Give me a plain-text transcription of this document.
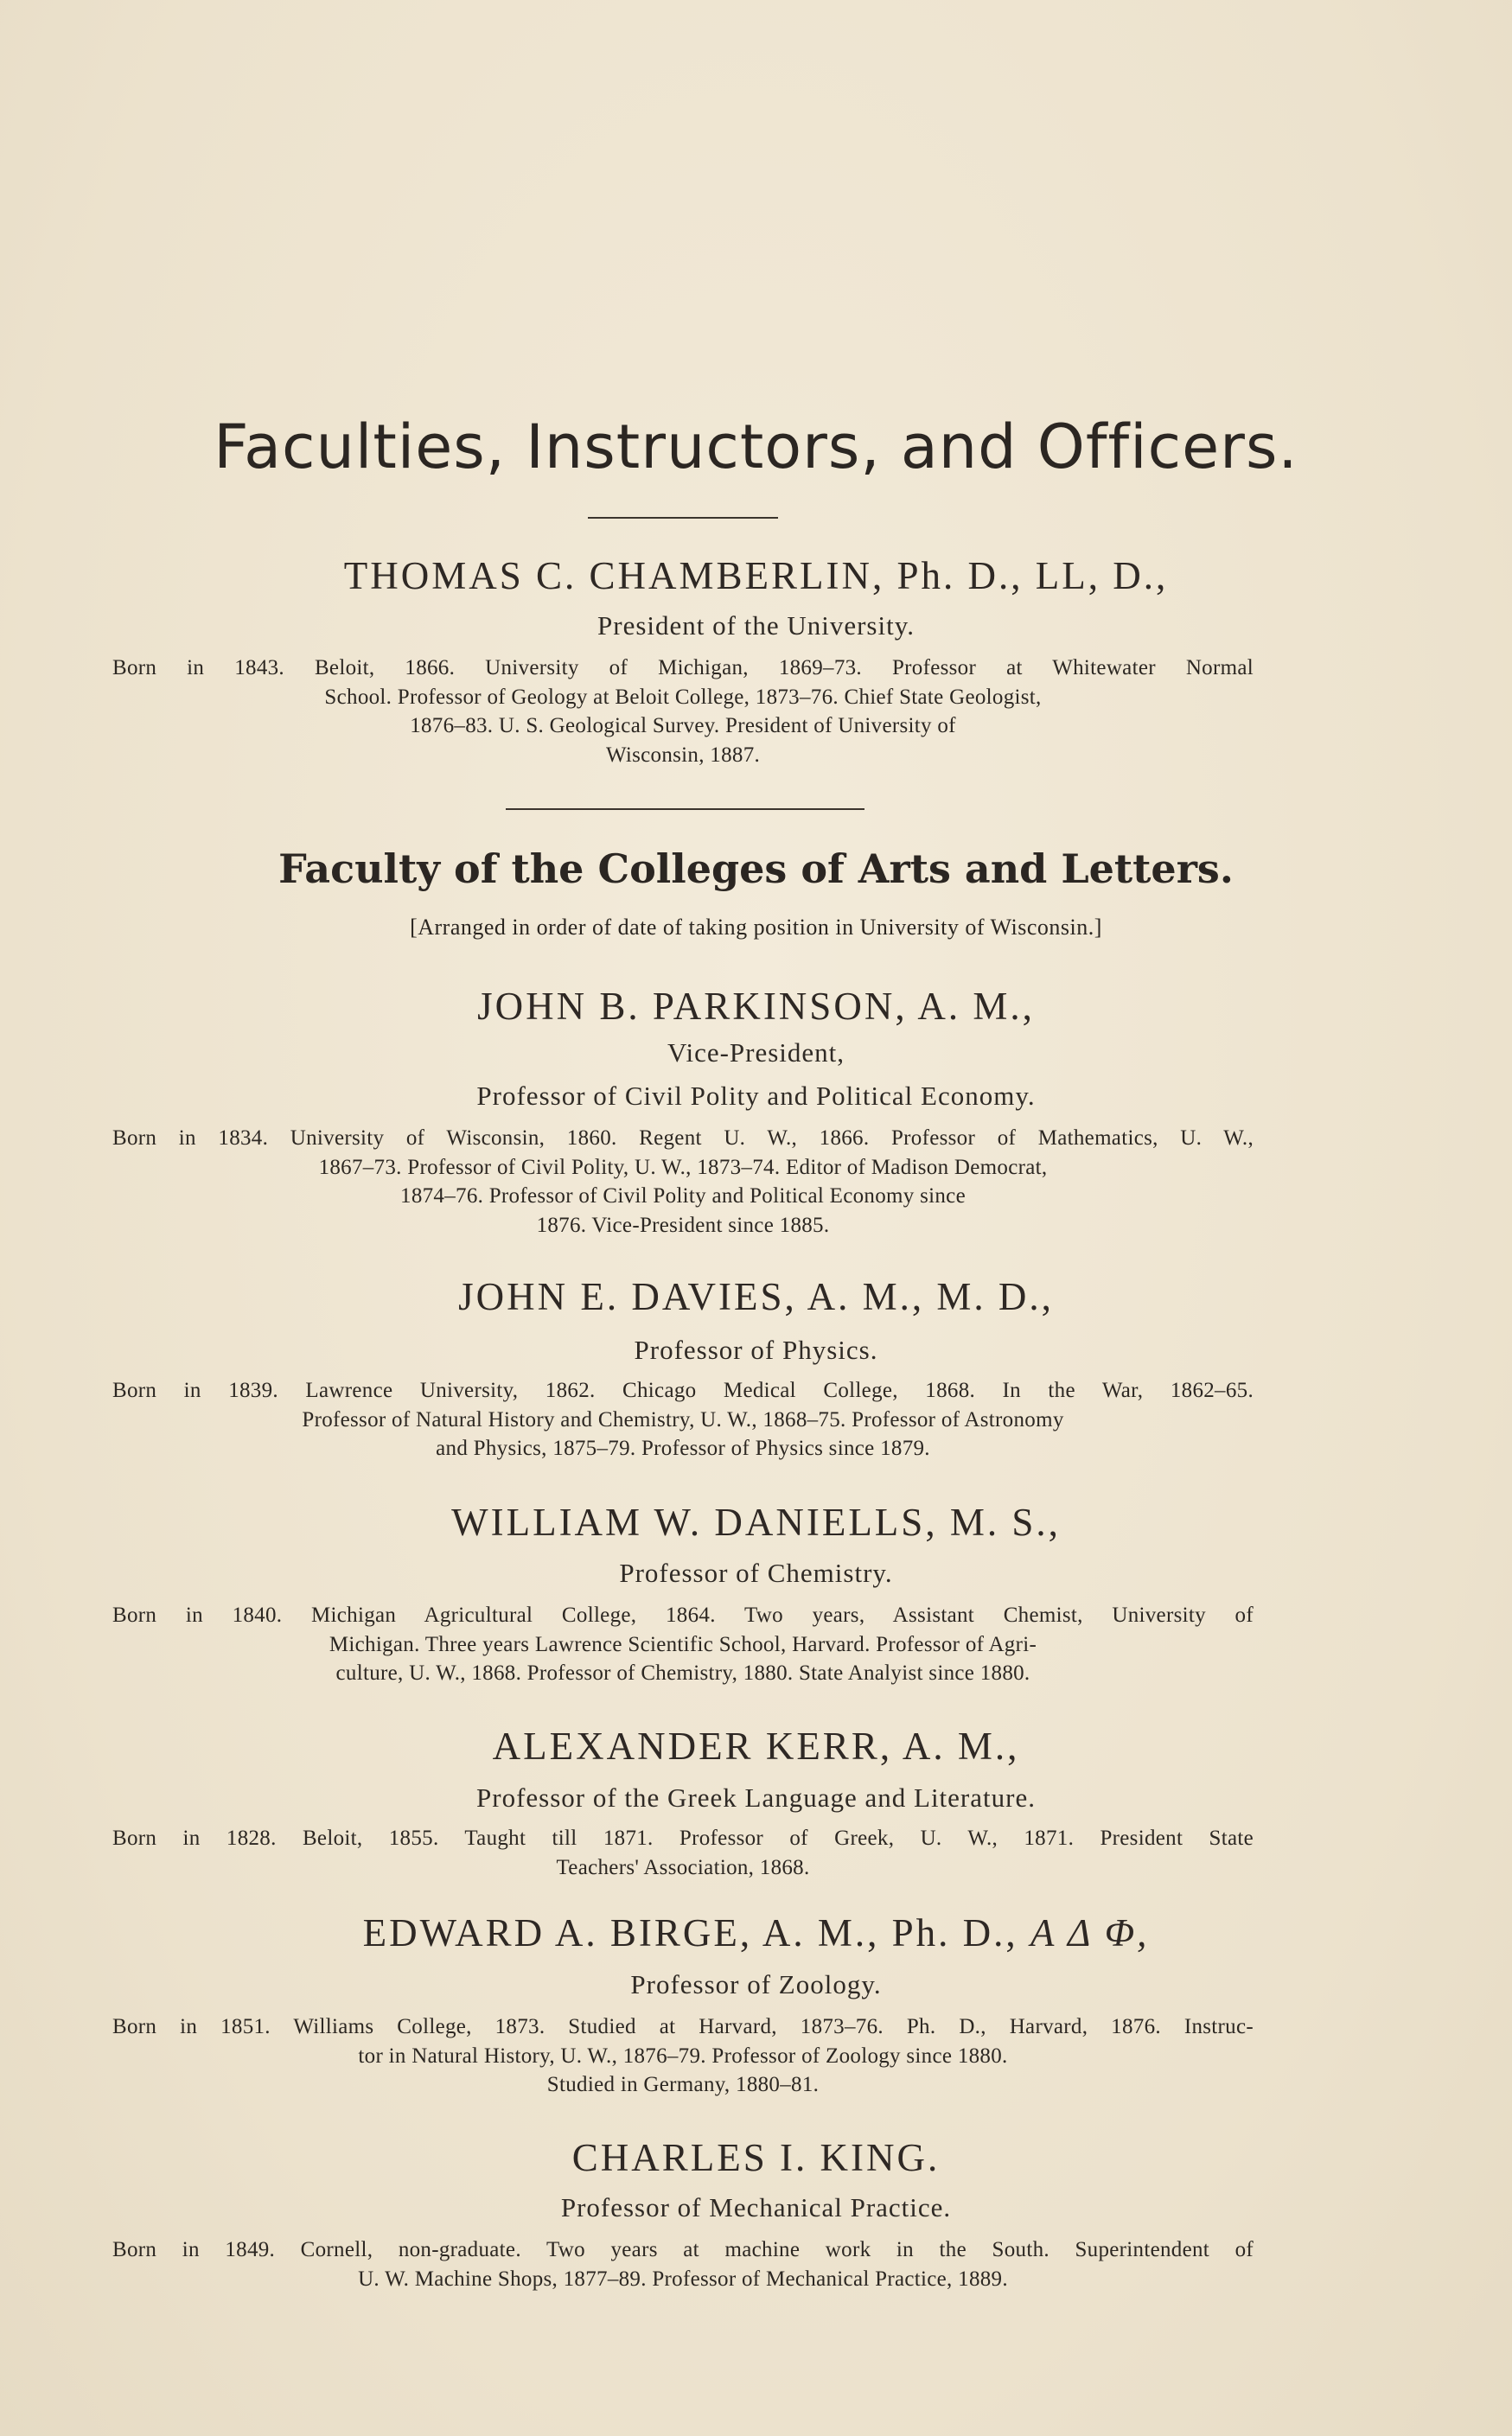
Faculties, Instructors, and Officers.
THOMAS C. CHAMBERLIN, Ph. D., LL, D.,
President of the University.
Born in 1843. Beloit, 1866. University of Michigan, 1869–73. Professor at Whitewater Normal
School. Professor of Geology at Beloit College, 1873–76. Chief State Geologist,
1876–83. U. S. Geological Survey. President of University of
Wisconsin, 1887.
Faculty of the Colleges of Arts and Letters.
[Arranged in order of date of taking position in University of Wisconsin.]
JOHN B. PARKINSON, A. M.,
Vice-President,
Professor of Civil Polity and Political Economy.
Born in 1834. University of Wisconsin, 1860. Regent U. W., 1866. Professor of Mathematics, U. W.,
1867–73. Professor of Civil Polity, U. W., 1873–74. Editor of Madison Democrat,
1874–76. Professor of Civil Polity and Political Economy since
1876. Vice-President since 1885.
JOHN E. DAVIES, A. M., M. D.,
Professor of Physics.
Born in 1839. Lawrence University, 1862. Chicago Medical College, 1868. In the War, 1862–65.
Professor of Natural History and Chemistry, U. W., 1868–75. Professor of Astronomy
and Physics, 1875–79. Professor of Physics since 1879.
WILLIAM W. DANIELLS, M. S.,
Professor of Chemistry.
Born in 1840. Michigan Agricultural College, 1864. Two years, Assistant Chemist, University of
Michigan. Three years Lawrence Scientific School, Harvard. Professor of Agri-
culture, U. W., 1868. Professor of Chemistry, 1880. State Analyist since 1880.
ALEXANDER KERR, A. M.,
Professor of the Greek Language and Literature.
Born in 1828. Beloit, 1855. Taught till 1871. Professor of Greek, U. W., 1871. President State
Teachers' Association, 1868.
EDWARD A. BIRGE, A. M., Ph. D., Α Δ Φ,
Professor of Zoology.
Born in 1851. Williams College, 1873. Studied at Harvard, 1873–76. Ph. D., Harvard, 1876. Instruc-
tor in Natural History, U. W., 1876–79. Professor of Zoology since 1880.
Studied in Germany, 1880–81.
CHARLES I. KING.
Professor of Mechanical Practice.
Born in 1849. Cornell, non-graduate. Two years at machine work in the South. Superintendent of
U. W. Machine Shops, 1877–89. Professor of Mechanical Practice, 1889.
